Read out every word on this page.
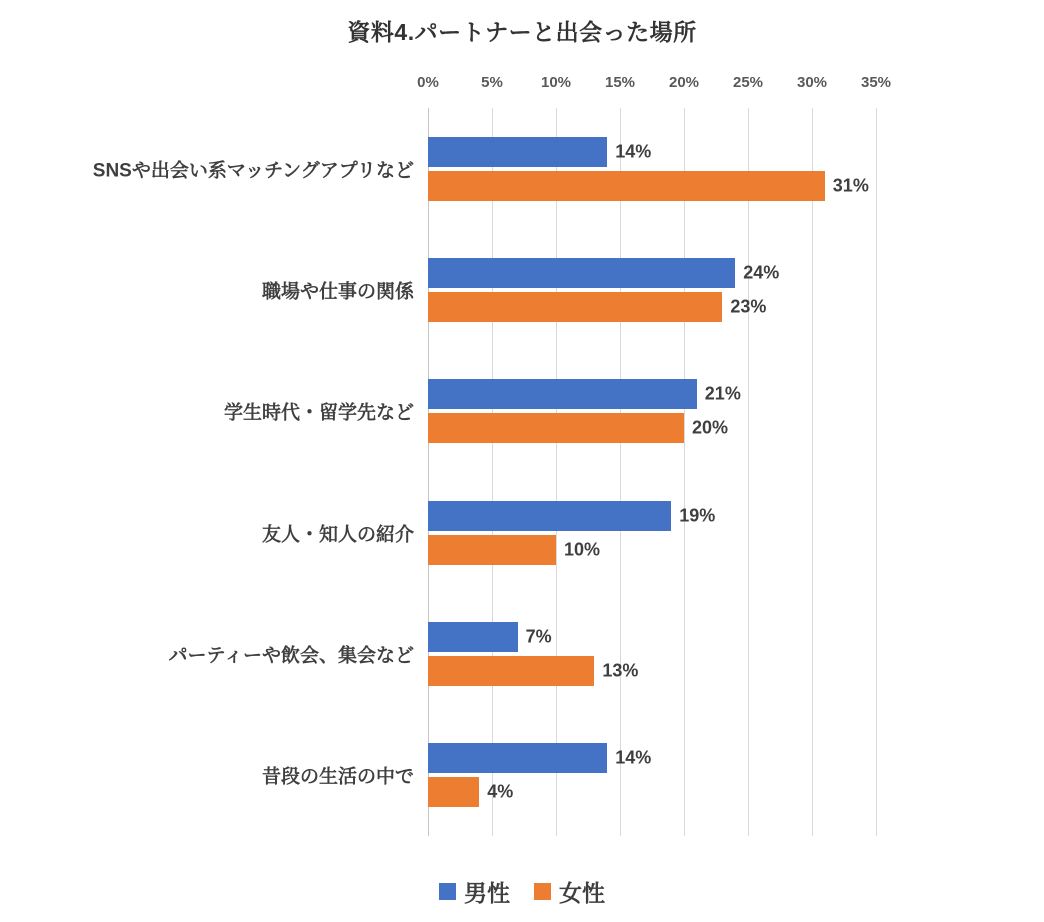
資料4.パートナーと出会った場所
0%	5%	10% 15% 20% 25% 30% 35%
SNSや出会い系マッチングアプリなど
14%
31%
職場や仕事の関係
24%
23%
学生時代・留学先など
21%
20%
友人・知人の紹介
19%
10%
パーティーや飲会、集会など
7%
13%
昔段の生活の中で
14%
4%
男性 女性
